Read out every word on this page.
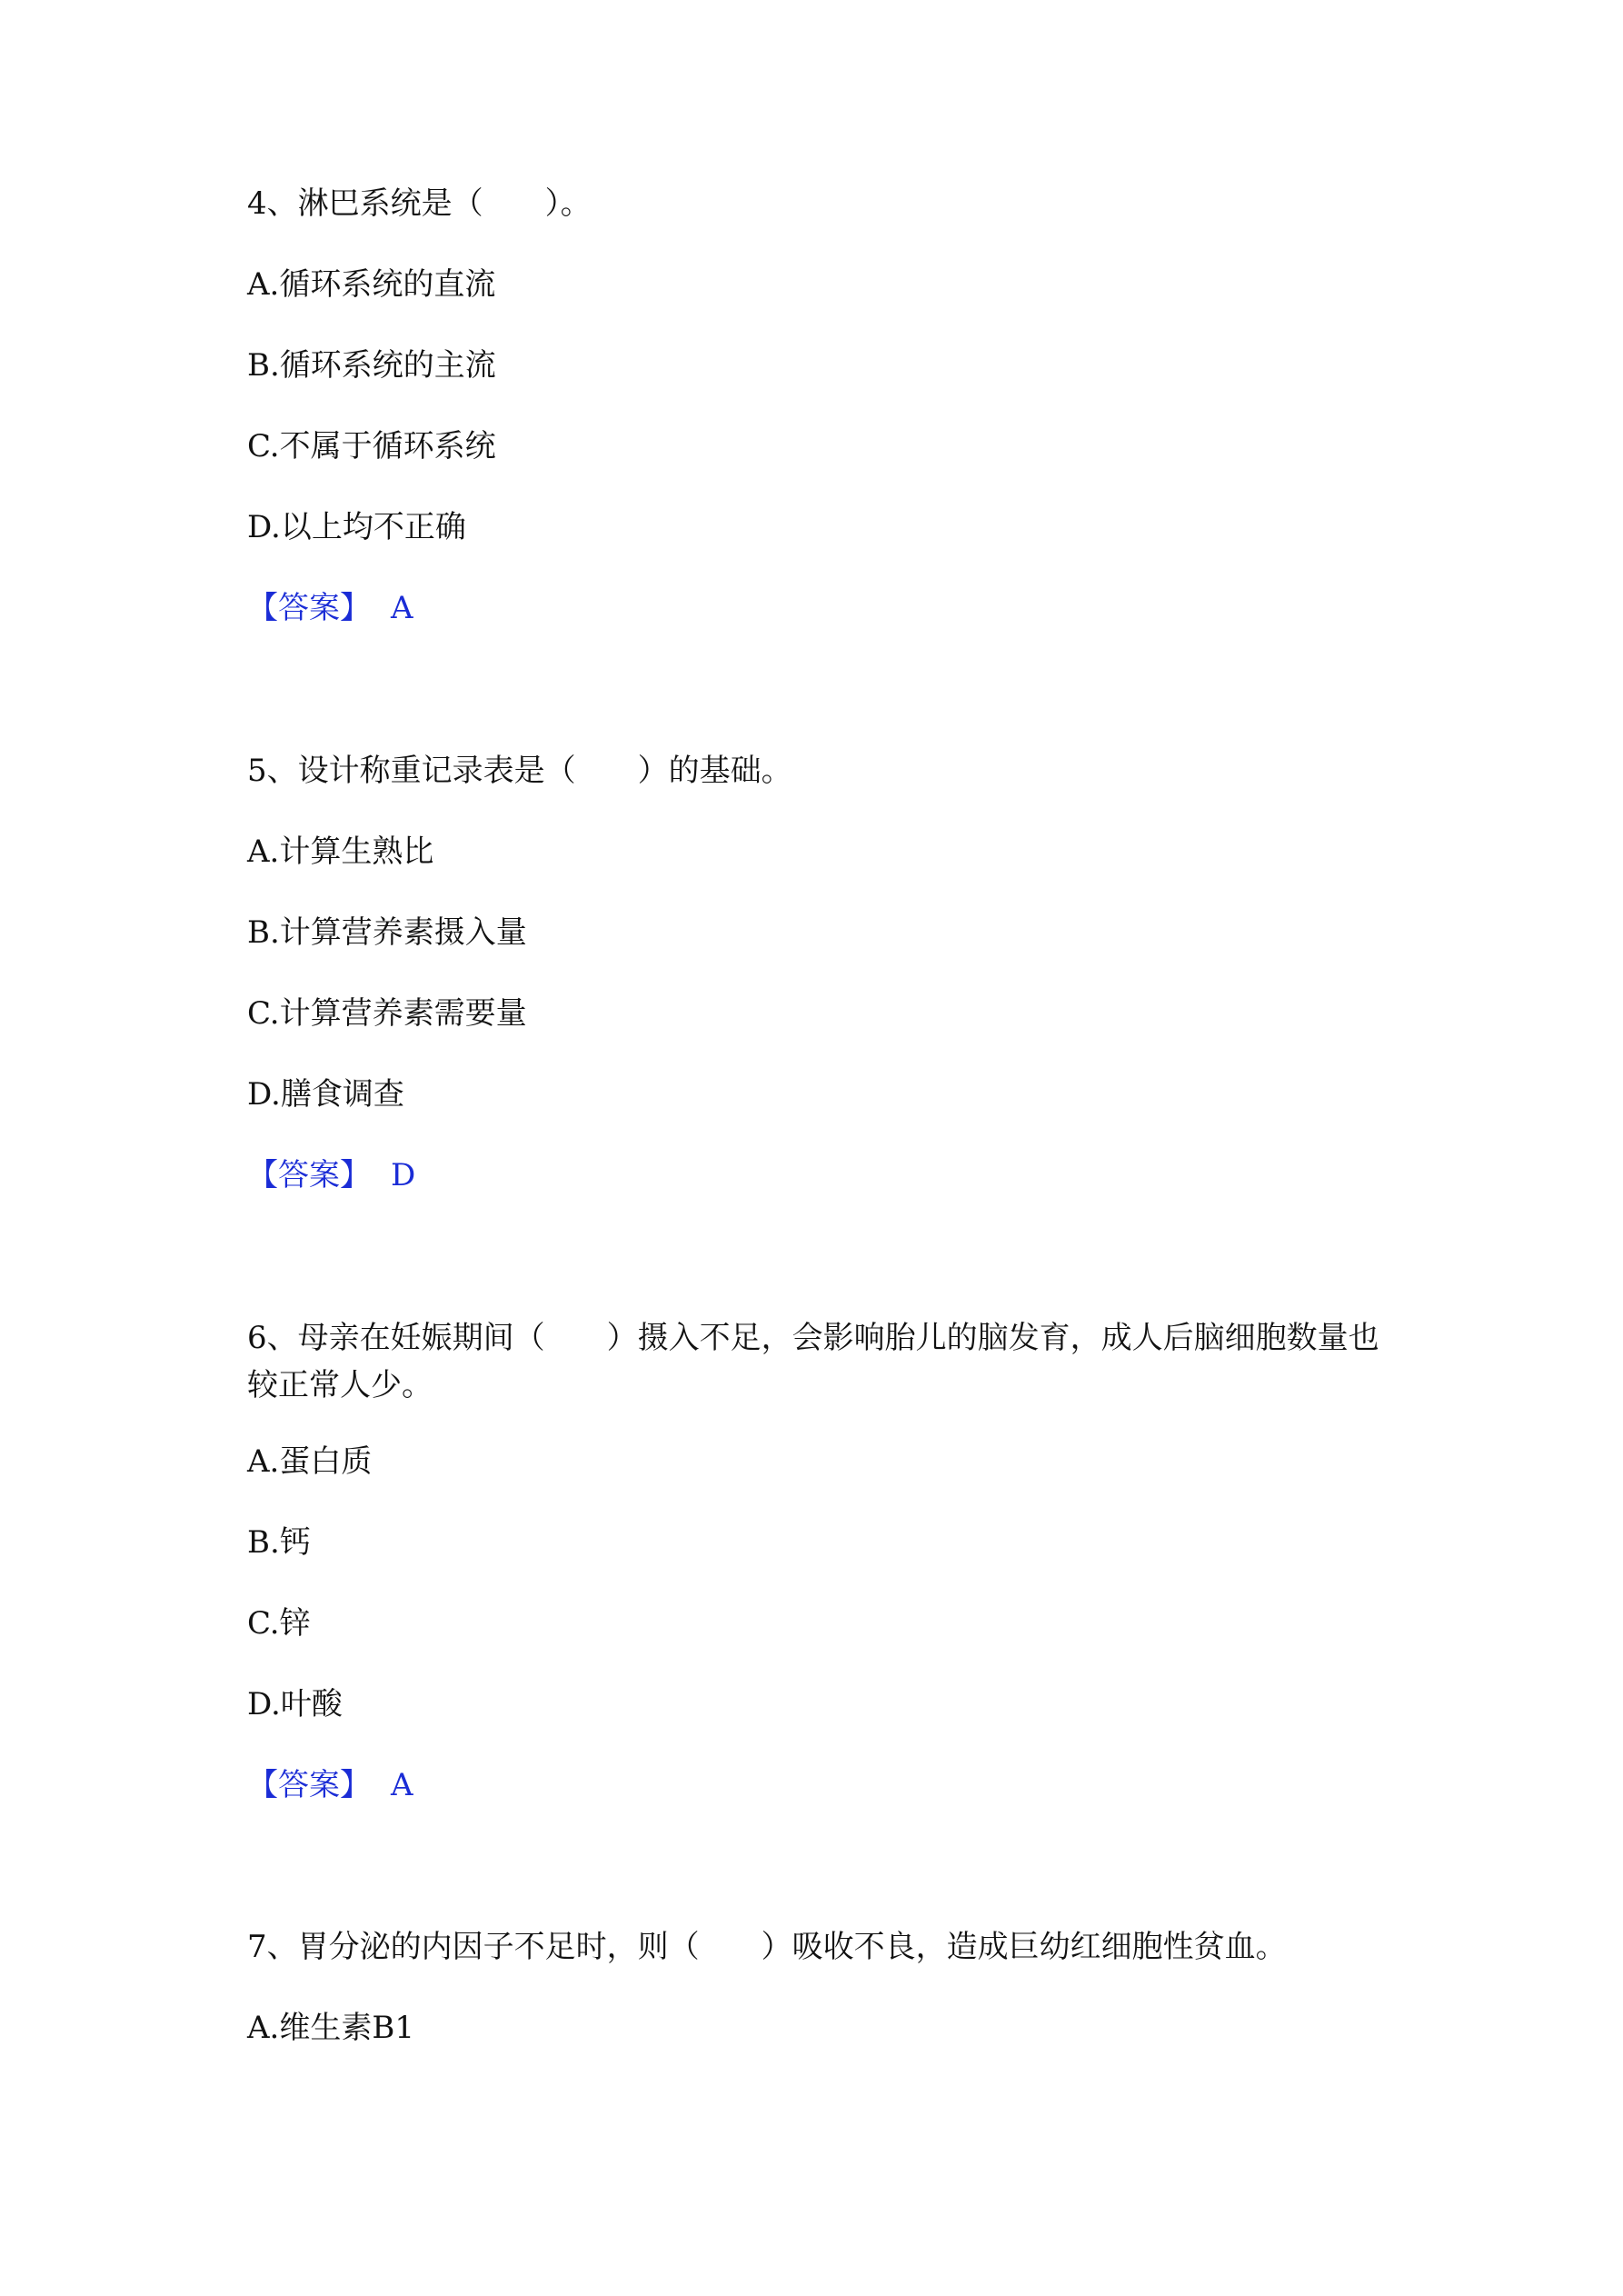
4、淋巴系统是（　　）。
A.循环系统的直流
B.循环系统的主流
C.不属于循环系统
D.以上均不正确
【答案】 A
5、设计称重记录表是（　　）的基础。
A.计算生熟比
B.计算营养素摄入量
C.计算营养素需要量
D.膳食调查
【答案】 D
6、母亲在妊娠期间（　　）摄入不足，会影响胎儿的脑发育，成人后脑细胞数量也较正常人少。
A.蛋白质
B.钙
C.锌
D.叶酸
【答案】 A
7、胃分泌的内因子不足时，则（　　）吸收不良，造成巨幼红细胞性贫血。
A.维生素B1
